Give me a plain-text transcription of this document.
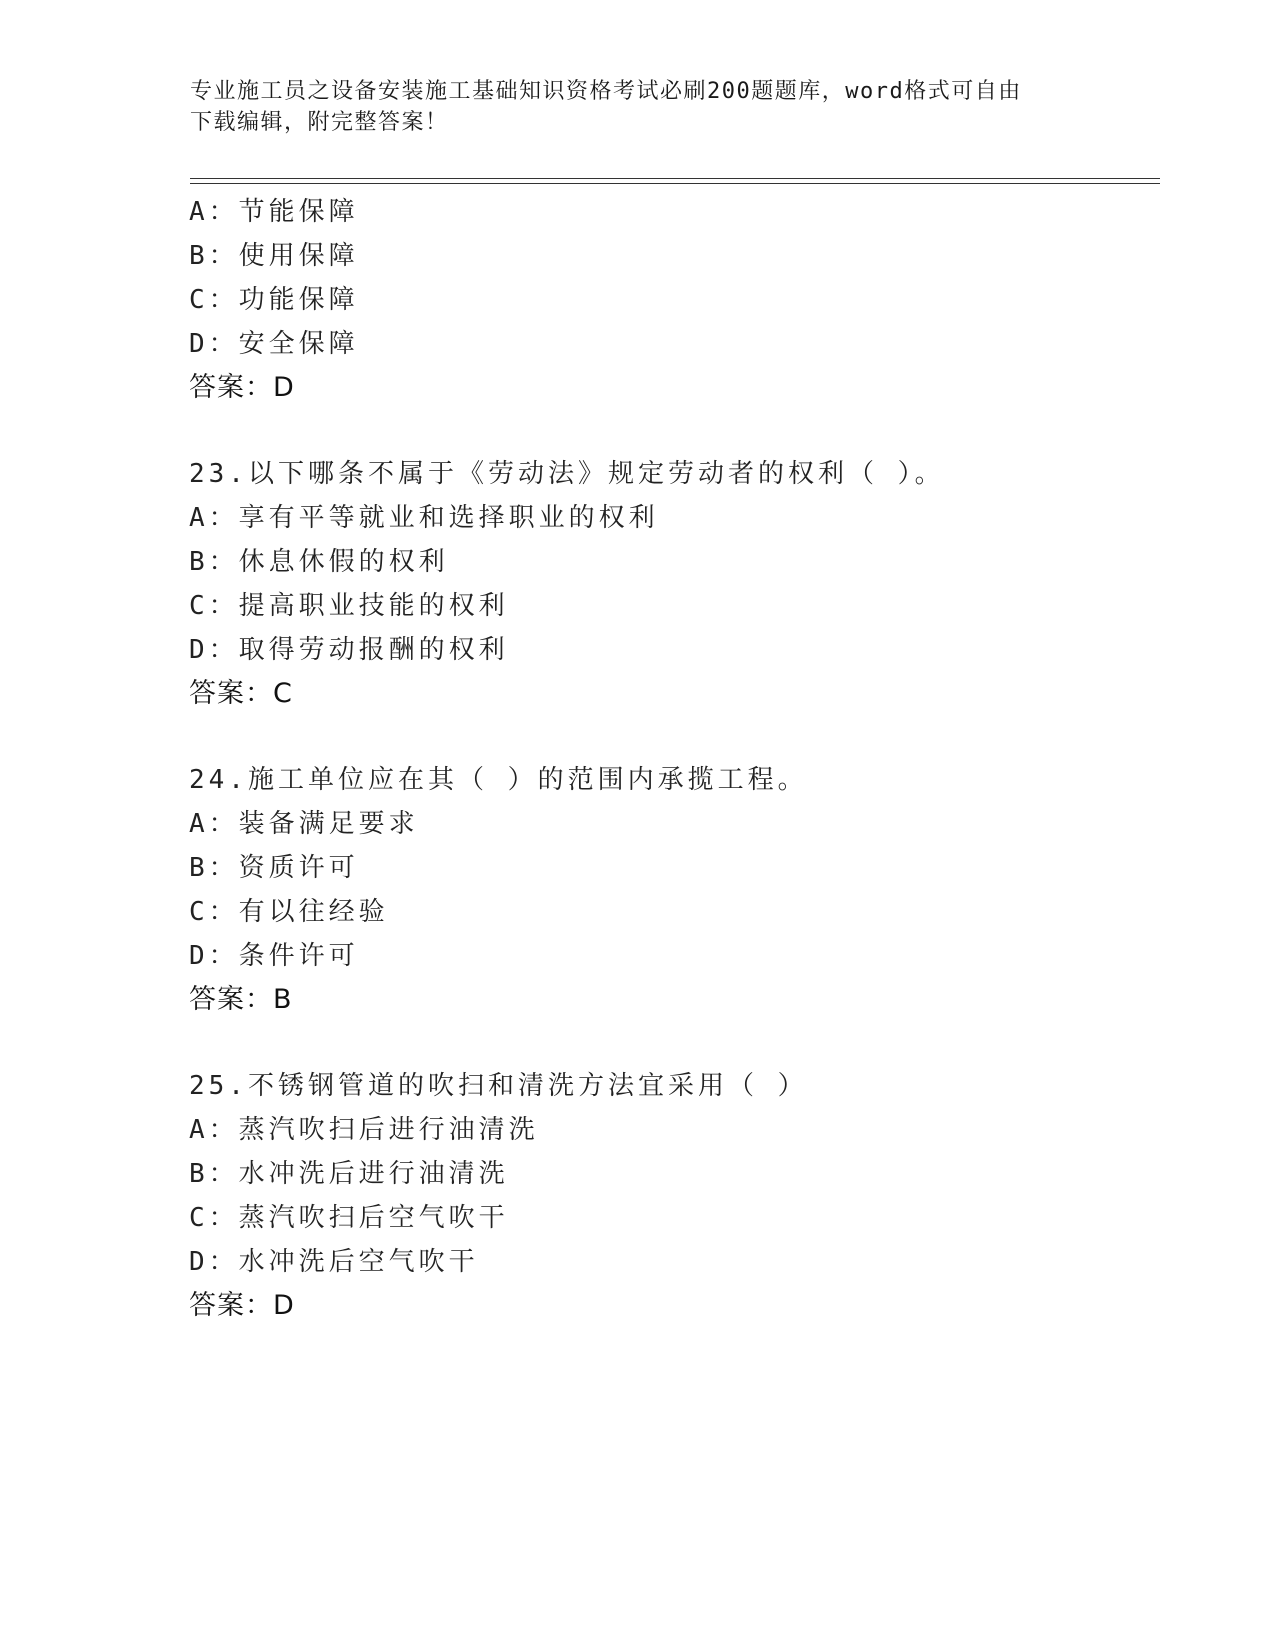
专业施工员之设备安装施工基础知识资格考试必刷200题题库，word格式可自由
下载编辑，附完整答案！
A：节能保障
B：使用保障
C：功能保障
D：安全保障
答案：D
23.以下哪条不属于《劳动法》规定劳动者的权利（ ）。
A：享有平等就业和选择职业的权利
B：休息休假的权利
C：提高职业技能的权利
D：取得劳动报酬的权利
答案：C
24.施工单位应在其（ ）的范围内承揽工程。
A：装备满足要求
B：资质许可
C：有以往经验
D：条件许可
答案：B
25.不锈钢管道的吹扫和清洗方法宜采用（ ）
A：蒸汽吹扫后进行油清洗
B：水冲洗后进行油清洗
C：蒸汽吹扫后空气吹干
D：水冲洗后空气吹干
答案：D
